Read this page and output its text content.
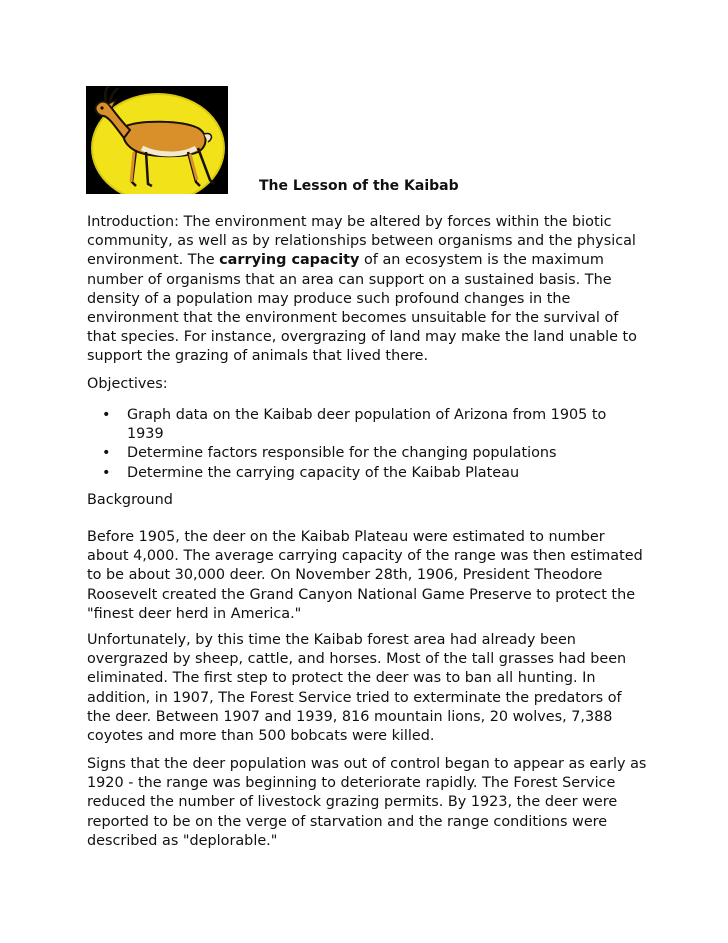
The Lesson of the Kaibab

Introduction: The environment may be altered by forces within the biotic community, as well as by relationships between organisms and the physical environment. The carrying capacity of an ecosystem is the maximum number of organisms that an area can support on a sustained basis. The density of a population may produce such profound changes in the environment that the environment becomes unsuitable for the survival of that species. For instance, overgrazing of land may make the land unable to support the grazing of animals that lived there.

Objectives:

• Graph data on the Kaibab deer population of Arizona from 1905 to 1939
• Determine factors responsible for the changing populations
• Determine the carrying capacity of the Kaibab Plateau

Background

Before 1905, the deer on the Kaibab Plateau were estimated to number about 4,000. The average carrying capacity of the range was then estimated to be about 30,000 deer. On November 28th, 1906, President Theodore Roosevelt created the Grand Canyon National Game Preserve to protect the "finest deer herd in America."

Unfortunately, by this time the Kaibab forest area had already been overgrazed by sheep, cattle, and horses. Most of the tall grasses had been eliminated. The first step to protect the deer was to ban all hunting. In addition, in 1907, The Forest Service tried to exterminate the predators of the deer. Between 1907 and 1939, 816 mountain lions, 20 wolves, 7,388 coyotes and more than 500 bobcats were killed.

Signs that the deer population was out of control began to appear as early as 1920 - the range was beginning to deteriorate rapidly. The Forest Service reduced the number of livestock grazing permits. By 1923, the deer were reported to be on the verge of starvation and the range conditions were described as "deplorable."
